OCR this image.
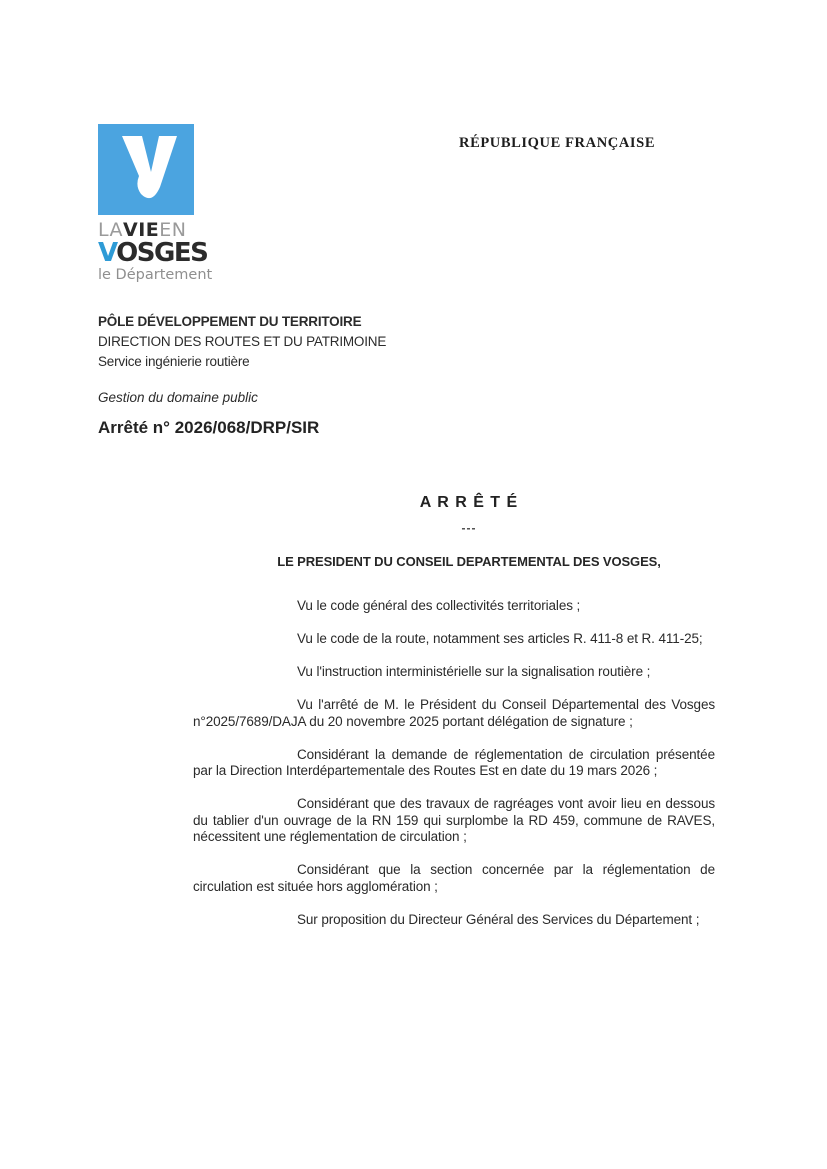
LAVIEEN
VOSGES
le Département
RÉPUBLIQUE FRANÇAISE
PÔLE DÉVELOPPEMENT DU TERRITOIRE
DIRECTION DES ROUTES ET DU PATRIMOINE
Service ingénierie routière
Gestion du domaine public
Arrêté n° 2026/068/DRP/SIR
A R R Ê T É
---
LE PRESIDENT DU CONSEIL DEPARTEMENTAL DES VOSGES,

Vu le code général des collectivités territoriales ;

Vu le code de la route, notamment ses articles R. 411-8 et R. 411-25;

Vu l'instruction interministérielle sur la signalisation routière ;

Vu l'arrêté de M. le Président du Conseil Départemental des Vosges n°2025/7689/DAJA du 20 novembre 2025 portant délégation de signature ;

Considérant la demande de réglementation de circulation présentée par la Direction Interdépartementale des Routes Est en date du 19 mars 2026 ;

Considérant que des travaux de ragréages vont avoir lieu en dessous du tablier d'un ouvrage de la RN 159 qui surplombe la RD 459, commune de RAVES, nécessitent une réglementation de circulation ;

Considérant que la section concernée par la réglementation de circulation est située hors agglomération ;

Sur proposition du Directeur Général des Services du Département ;
